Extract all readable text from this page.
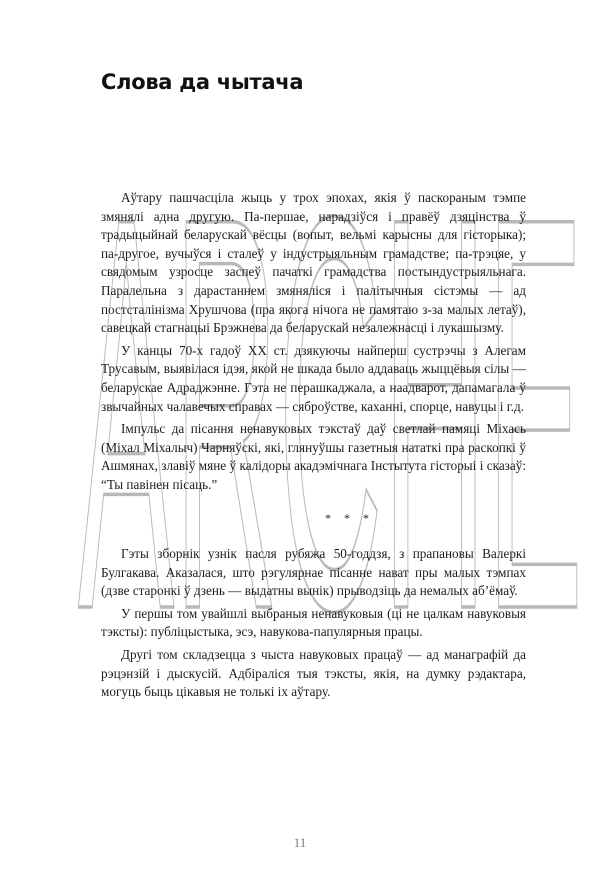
Слова да чытача
ARCHE

Аўтару пашчасціла жыць у трох эпохах, якія ў паскораным тэмпе змянялі адна другую. Па-першае, нарадзіўся і правёў дзяцінства ў традыцыйнай беларускай вёсцы (вопыт, вельмі карысны для гісторыка); па-другое, вучыўся і сталеў у індустрыяльным грамадстве; па-трэцяе, у свядомым узросце заспеў пачаткі грамадства постындустрыяльнага. Паралельна з дарастаннем змяняліся і палітычныя сістэмы — ад постсталінізма Хрушчова (пра якога нічога не памятаю з-за малых летаў), савецкай стагнацыі Брэжнева да беларускай незалежнасці і лукашызму.

У канцы 70-х гадоў XX ст. дзякуючы найперш сустрэчы з Алегам Трусавым, выявілася ідэя, якой не шкада было аддаваць жыццёвыя сілы — беларускае Адраджэнне. Гэта не перашкаджала, а наадварот, дапамагала ў звычайных чалавечых справах — сяброўстве, каханні, спорце, навуцы і г.д.

Імпульс да пісання ненавуковых тэкстаў даў светлай памяці Міхась (Міхал Міхалыч) Чарняўскі, які, глянуўшы газетныя нататкі пра раскопкі ў Ашмянах, злавіў мяне ў калідоры акадэмічнага Інстытута гісторыі і сказаў: “Ты павінен пісаць.”

* * *

Гэты зборнік узнік пасля рубяжа 50-годдзя, з прапановы Валеркі Булгакава. Аказалася, што рэгулярнае пісанне нават пры малых тэмпах (дзве старонкі ў дзень — выдатны вынік) прыводзіць да немалых аб’ёмаў.

У першы том увайшлі выбраныя ненавуковыя (ці не цалкам навуковыя тэксты): публіцыстыка, эсэ, навукова-папулярныя працы.

Другі том складзецца з чыста навуковых працаў — ад манаграфій да рэцэнзій і дыскусій. Адбіраліся тыя тэксты, якія, на думку рэдактара, могуць быць цікавыя не толькі іх аўтару.

11
